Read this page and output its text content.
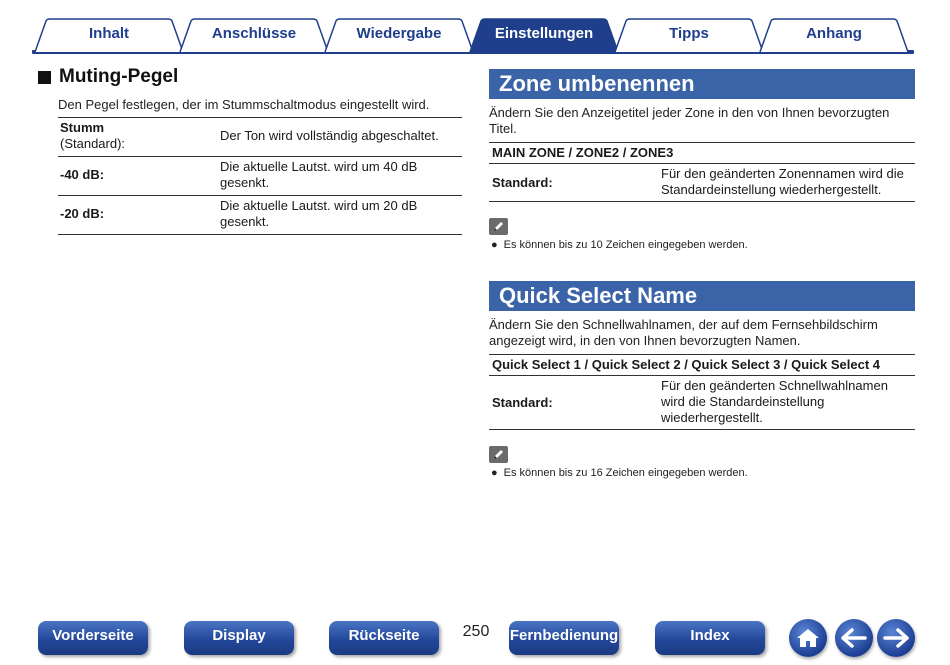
Inhalt	Anschlüsse	Wiedergabe	Einstellungen	Tipps	Anhang
Muting-Pegel
Den Pegel festlegen, der im Stummschaltmodus eingestellt wird.
Stumm
(Standard):	Der Ton wird vollständig abgeschaltet.
-40 dB:	Die aktuelle Lautst. wird um 40 dB gesenkt.
-20 dB:	Die aktuelle Lautst. wird um 20 dB gesenkt.
Zone umbenennen
Ändern Sie den Anzeigetitel jeder Zone in den von Ihnen bevorzugten Titel.
MAIN ZONE / ZONE2 / ZONE3
Standard:
Für den geänderten Zonennamen wird die Standardeinstellung wiederhergestellt.
● Es können bis zu 10 Zeichen eingegeben werden.
Quick Select Name
Ändern Sie den Schnellwahlnamen, der auf dem Fernsehbildschirm angezeigt wird, in den von Ihnen bevorzugten Namen.
Quick Select 1 / Quick Select 2 / Quick Select 3 / Quick Select 4
Standard:
Für den geänderten Schnellwahlnamen wird die Standardeinstellung wiederhergestellt.
● Es können bis zu 16 Zeichen eingegeben werden.
Vorderseite	Display	Rückseite	250	Fernbedienung	Index
